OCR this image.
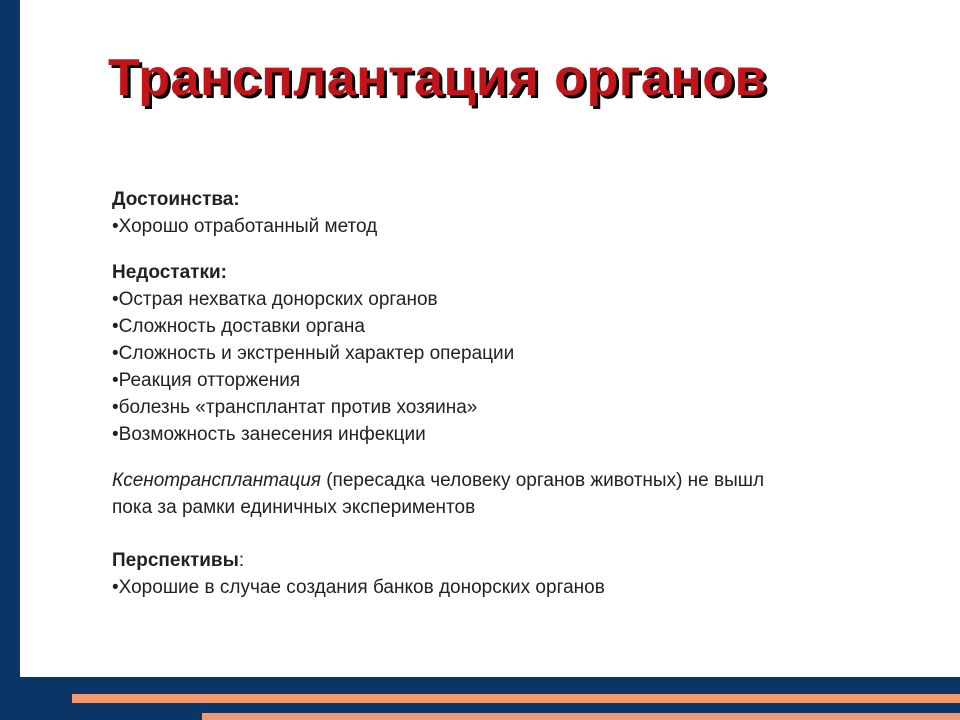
Трансплантация органов
Достоинства:
• Хорошо отработанный метод
Недостатки:
• Острая нехватка донорских органов
• Сложность доставки органа
• Сложность и экстренный характер операции
• Реакция отторжения
• болезнь «трансплантат против хозяина»
• Возможность занесения инфекции
Ксенотрансплантация (пересадка человеку органов животных) не вышл
пока за рамки единичных экспериментов
Перспективы:
• Хорошие в случае создания банков донорских органов
